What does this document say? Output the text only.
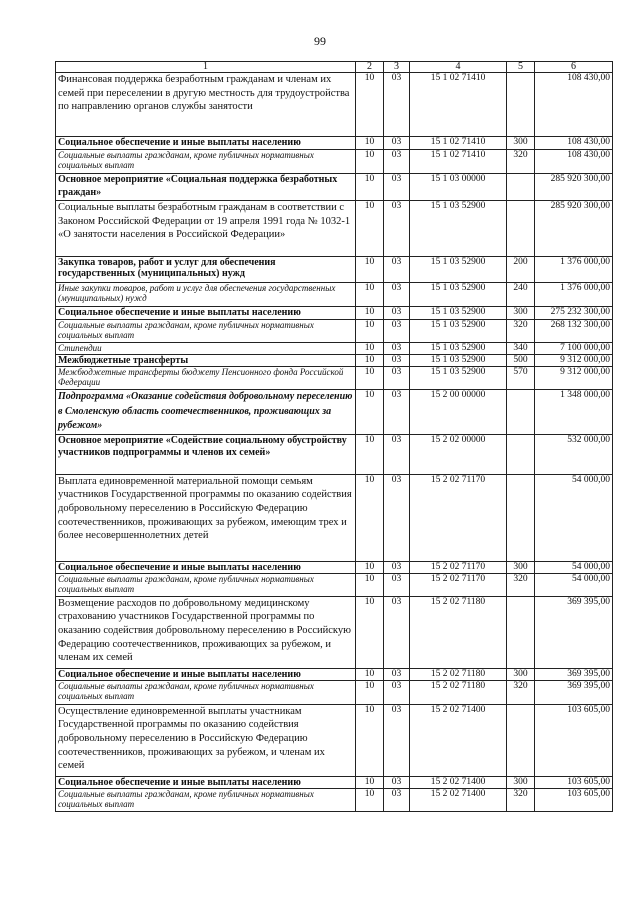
99
1	2	3	4	5	6
Финансовая поддержка безработным гражданам и членам их семей при переселении в другую местность для трудоустройства по направлению органов службы занятости	10	03	15 1 02 71410		108 430,00
Социальное обеспечение и иные выплаты населению	10	03	15 1 02 71410	300	108 430,00
Социальные выплаты гражданам, кроме публичных нормативных социальных выплат	10	03	15 1 02 71410	320	108 430,00
Основное мероприятие «Социальная поддержка безработных граждан»	10	03	15 1 03 00000		285 920 300,00
Социальные выплаты безработным гражданам в соответствии с Законом Российской Федерации от 19 апреля 1991 года № 1032-1 «О занятости населения в Российской Федерации»	10	03	15 1 03 52900		285 920 300,00
Закупка товаров, работ и услуг для обеспечения государственных (муниципальных) нужд	10	03	15 1 03 52900	200	1 376 000,00
Иные закупки товаров, работ и услуг для обеспечения государственных (муниципальных) нужд	10	03	15 1 03 52900	240	1 376 000,00
Социальное обеспечение и иные выплаты населению	10	03	15 1 03 52900	300	275 232 300,00
Социальные выплаты гражданам, кроме публичных нормативных социальных выплат	10	03	15 1 03 52900	320	268 132 300,00
Стипендии	10	03	15 1 03 52900	340	7 100 000,00
Межбюджетные трансферты	10	03	15 1 03 52900	500	9 312 000,00
Межбюджетные трансферты бюджету Пенсионного фонда Российской Федерации	10	03	15 1 03 52900	570	9 312 000,00
Подпрограмма «Оказание содействия добровольному переселению в Смоленскую область соотечественников, проживающих за рубежом»	10	03	15 2 00 00000		1 348 000,00
Основное мероприятие «Содействие социальному обустройству участников подпрограммы и членов их семей»	10	03	15 2 02 00000		532 000,00
Выплата единовременной материальной помощи семьям участников Государственной программы по оказанию содействия добровольному переселению в Российскую Федерацию соотечественников, проживающих за рубежом, имеющим трех и более несовершеннолетних детей	10	03	15 2 02 71170		54 000,00
Социальное обеспечение и иные выплаты населению	10	03	15 2 02 71170	300	54 000,00
Социальные выплаты гражданам, кроме публичных нормативных социальных выплат	10	03	15 2 02 71170	320	54 000,00
Возмещение расходов по добровольному медицинскому страхованию участников Государственной программы по оказанию содействия добровольному переселению в Российскую Федерацию соотечественников, проживающих за рубежом, и членам их семей	10	03	15 2 02 71180		369 395,00
Социальное обеспечение и иные выплаты населению	10	03	15 2 02 71180	300	369 395,00
Социальные выплаты гражданам, кроме публичных нормативных социальных выплат	10	03	15 2 02 71180	320	369 395,00
Осуществление единовременной выплаты участникам Государственной программы по оказанию содействия добровольному переселению в Российскую Федерацию соотечественников, проживающих за рубежом, и членам их семей	10	03	15 2 02 71400		103 605,00
Социальное обеспечение и иные выплаты населению	10	03	15 2 02 71400	300	103 605,00
Социальные выплаты гражданам, кроме публичных нормативных социальных выплат	10	03	15 2 02 71400	320	103 605,00
